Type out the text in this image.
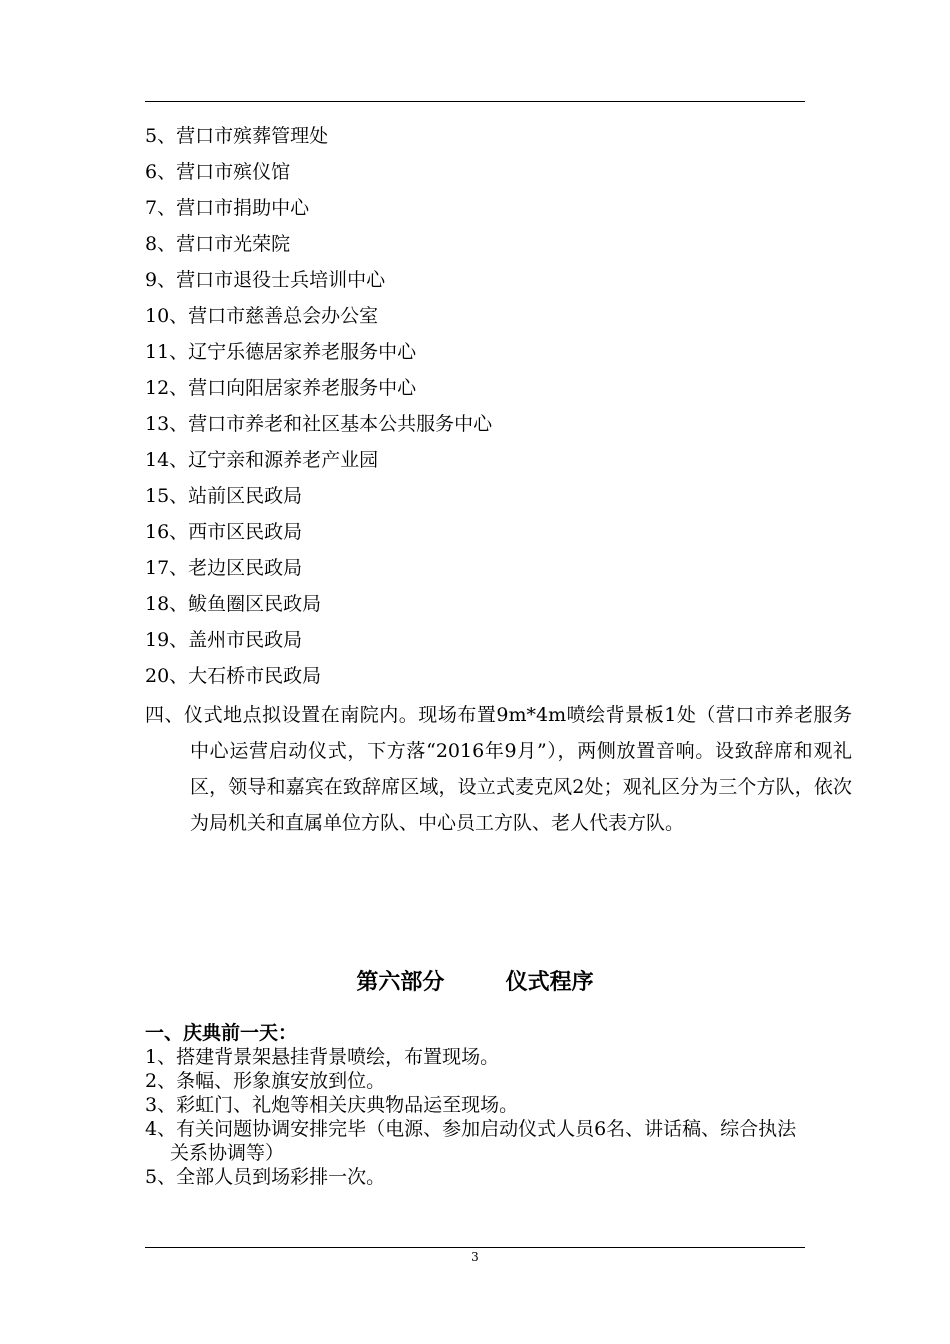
5、营口市殡葬管理处
6、营口市殡仪馆
7、营口市捐助中心
8、营口市光荣院
9、营口市退役士兵培训中心
10、营口市慈善总会办公室
11、辽宁乐德居家养老服务中心
12、营口向阳居家养老服务中心
13、营口市养老和社区基本公共服务中心
14、辽宁亲和源养老产业园
15、站前区民政局
16、西市区民政局
17、老边区民政局
18、鲅鱼圈区民政局
19、盖州市民政局
20、大石桥市民政局

四、仪式地点拟设置在南院内。现场布置9m*4m喷绘背景板1处（营口市养老服务中心运营启动仪式，下方落“2016年9月”），两侧放置音响。设致辞席和观礼区，领导和嘉宾在致辞席区域，设立式麦克风2处；观礼区分为三个方队，依次为局机关和直属单位方队、中心员工方队、老人代表方队。

第六部分        仪式程序
一、庆典前一天：
1、搭建背景架悬挂背景喷绘，布置现场。
2、条幅、形象旗安放到位。
3、彩虹门、礼炮等相关庆典物品运至现场。
4、有关问题协调安排完毕（电源、参加启动仪式人员6名、讲话稿、综合执法关系协调等）
5、全部人员到场彩排一次。
3
